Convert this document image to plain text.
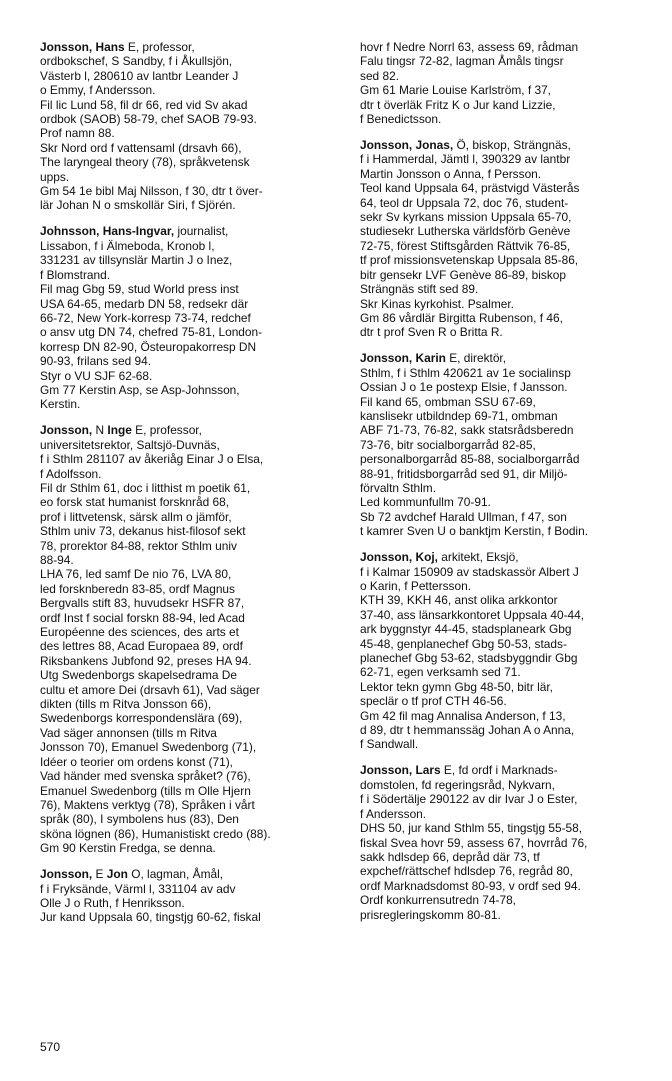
Jonsson, Hans E, professor,
ordbokschef, S Sandby, f i Åkullsjön,
Västerb l, 280610 av lantbr Leander J
o Emmy, f Andersson.
Fil lic Lund 58, fil dr 66, red vid Sv akad
ordbok (SAOB) 58-79, chef SAOB 79-93.
Prof namn 88.
Skr Nord ord f vattensaml (drsavh 66),
The laryngeal theory (78), språkvetensk
upps.
Gm 54 1e bibl Maj Nilsson, f 30, dtr t över-
lär Johan N o smskollär Siri, f Sjörén.
Johnsson, Hans-Ingvar, journalist,
Lissabon, f i Älmeboda, Kronob l,
331231 av tillsynslär Martin J o Inez,
f Blomstrand.
Fil mag Gbg 59, stud World press inst
USA 64-65, medarb DN 58, redsekr där
66-72, New York-korresp 73-74, redchef
o ansv utg DN 74, chefred 75-81, London-
korresp DN 82-90, Östeuropakorresp DN
90-93, frilans sed 94.
Styr o VU SJF 62-68.
Gm 77 Kerstin Asp, se Asp-Johnsson,
Kerstin.
Jonsson, N Inge E, professor,
universitetsrektor, Saltsjö-Duvnäs,
f i Sthlm 281107 av åkeriåg Einar J o Elsa,
f Adolfsson.
Fil dr Sthlm 61, doc i litthist m poetik 61,
eo forsk stat humanist forsknråd 68,
prof i littvetensk, särsk allm o jämför,
Sthlm univ 73, dekanus hist-filosof sekt
78, prorektor 84-88, rektor Sthlm univ
88-94.
LHA 76, led samf De nio 76, LVA 80,
led forsknberedn 83-85, ordf Magnus
Bergvalls stift 83, huvudsekr HSFR 87,
ordf Inst f social forskn 88-94, led Acad
Européenne des sciences, des arts et
des lettres 88, Acad Europaea 89, ordf
Riksbankens Jubfond 92, preses HA 94.
Utg Swedenborgs skapelsedrama De
cultu et amore Dei (drsavh 61), Vad säger
dikten (tills m Ritva Jonsson 66),
Swedenborgs korrespondenslära (69),
Vad säger annonsen (tills m Ritva
Jonsson 70), Emanuel Swedenborg (71),
Idéer o teorier om ordens konst (71),
Vad händer med svenska språket? (76),
Emanuel Swedenborg (tills m Olle Hjern
76), Maktens verktyg (78), Språken i vårt
språk (80), I symbolens hus (83), Den
sköna lögnen (86), Humanistiskt credo (88).
Gm 90 Kerstin Fredga, se denna.
Jonsson, E Jon O, lagman, Åmål,
f i Fryksände, Värml l, 331104 av adv
Olle J o Ruth, f Henriksson.
Jur kand Uppsala 60, tingstjg 60-62, fiskal
hovr f Nedre Norrl 63, assess 69, rådman
Falu tingsr 72-82, lagman Åmåls tingsr
sed 82.
Gm 61 Marie Louise Karlström, f 37,
dtr t överläk Fritz K o Jur kand Lizzie,
f Benedictsson.
Jonsson, Jonas, Ö, biskop, Strängnäs,
f i Hammerdal, Jämtl l, 390329 av lantbr
Martin Jonsson o Anna, f Persson.
Teol kand Uppsala 64, prästvigd Västerås
64, teol dr Uppsala 72, doc 76, student-
sekr Sv kyrkans mission Uppsala 65-70,
studiesekr Lutherska världsförb Genève
72-75, förest Stiftsgården Rättvik 76-85,
tf prof missionsvetenskap Uppsala 85-86,
bitr gensekr LVF Genève 86-89, biskop
Strängnäs stift sed 89.
Skr Kinas kyrkohist. Psalmer.
Gm 86 vårdlär Birgitta Rubenson, f 46,
dtr t prof Sven R o Britta R.
Jonsson, Karin E, direktör,
Sthlm, f i Sthlm 420621 av 1e socialinsp
Ossian J o 1e postexp Elsie, f Jansson.
Fil kand 65, ombman SSU 67-69,
kanslisekr utbildndep 69-71, ombman
ABF 71-73, 76-82, sakk statsrådsberedn
73-76, bitr socialborgarråd 82-85,
personalborgarråd 85-88, socialborgarråd
88-91, fritidsborgarråd sed 91, dir Miljö-
förvaltn Sthlm.
Led kommunfullm 70-91.
Sb 72 avdchef Harald Ullman, f 47, son
t kamrer Sven U o banktjm Kerstin, f Bodin.
Jonsson, Koj, arkitekt, Eksjö,
f i Kalmar 150909 av stadskassör Albert J
o Karin, f Pettersson.
KTH 39, KKH 46, anst olika arkkontor
37-40, ass länsarkkontoret Uppsala 40-44,
ark byggnstyr 44-45, stadsplaneark Gbg
45-48, genplanechef Gbg 50-53, stads-
planechef Gbg 53-62, stadsbyggndir Gbg
62-71, egen verksamh sed 71.
Lektor tekn gymn Gbg 48-50, bitr lär,
speclär o tf prof CTH 46-56.
Gm 42 fil mag Annalisa Anderson, f 13,
d 89, dtr t hemmanssäg Johan A o Anna,
f Sandwall.
Jonsson, Lars E, fd ordf i Marknads-
domstolen, fd regeringsråd, Nykvarn,
f i Södertälje 290122 av dir Ivar J o Ester,
f Andersson.
DHS 50, jur kand Sthlm 55, tingstjg 55-58,
fiskal Svea hovr 59, assess 67, hovrråd 76,
sakk hdlsdep 66, depråd där 73, tf
expchef/rättschef hdlsdep 76, regråd 80,
ordf Marknadsdomst 80-93, v ordf sed 94.
Ordf konkurrensutredn 74-78,
prisregleringskomm 80-81.
570
